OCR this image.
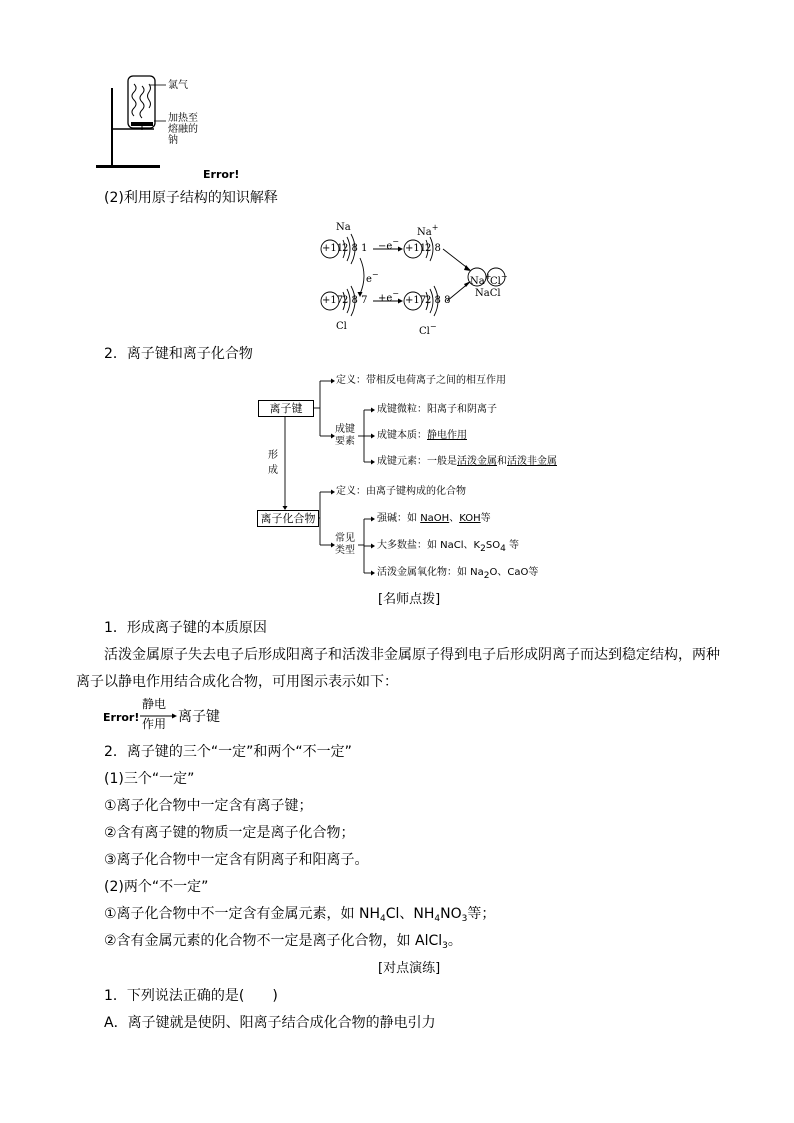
氯气
加热至
熔融的
钠
Error!
(2)利用原子结构的知识解释
Na
+11
2 8 1
Na+
+11
2 8
−e−
e−
+17
2 8 7
Cl
+e−
+17
2 8 8
Cl−
Na+
Cl−
NaCl
2．离子键和离子化合物
离子键
离子化合物
形
成
定义：带相反电荷离子之间的相互作用
成键
要素
成键微粒：阳离子和阴离子
成键本质：静电作用
成键元素：一般是活泼金属和活泼非金属
定义：由离子键构成的化合物
常见
类型
强碱：如 NaOH、KOH等
大多数盐：如 NaCl、K2SO4 等
活泼金属氧化物：如 Na2O、CaO等
[名师点拨]
1．形成离子键的本质原因
活泼金属原子失去电子后形成阳离子和活泼非金属原子得到电子后形成阴离子而达到稳定结构，两种
离子以静电作用结合成化合物，可用图示表示如下：
Error!
静电
作用 离子键
2．离子键的三个“一定”和两个“不一定”
(1)三个“一定”
①离子化合物中一定含有离子键；
②含有离子键的物质一定是离子化合物；
③离子化合物中一定含有阴离子和阳离子。
(2)两个“不一定”
①离子化合物中不一定含有金属元素，如 $NH_4Cl$、$NH_4NO_3$等；
②含有金属元素的化合物不一定是离子化合物，如 AlCl$_3$。
[对点演练]
1．下列说法正确的是(　　)
A．离子键就是使阴、阳离子结合成化合物的静电引力
